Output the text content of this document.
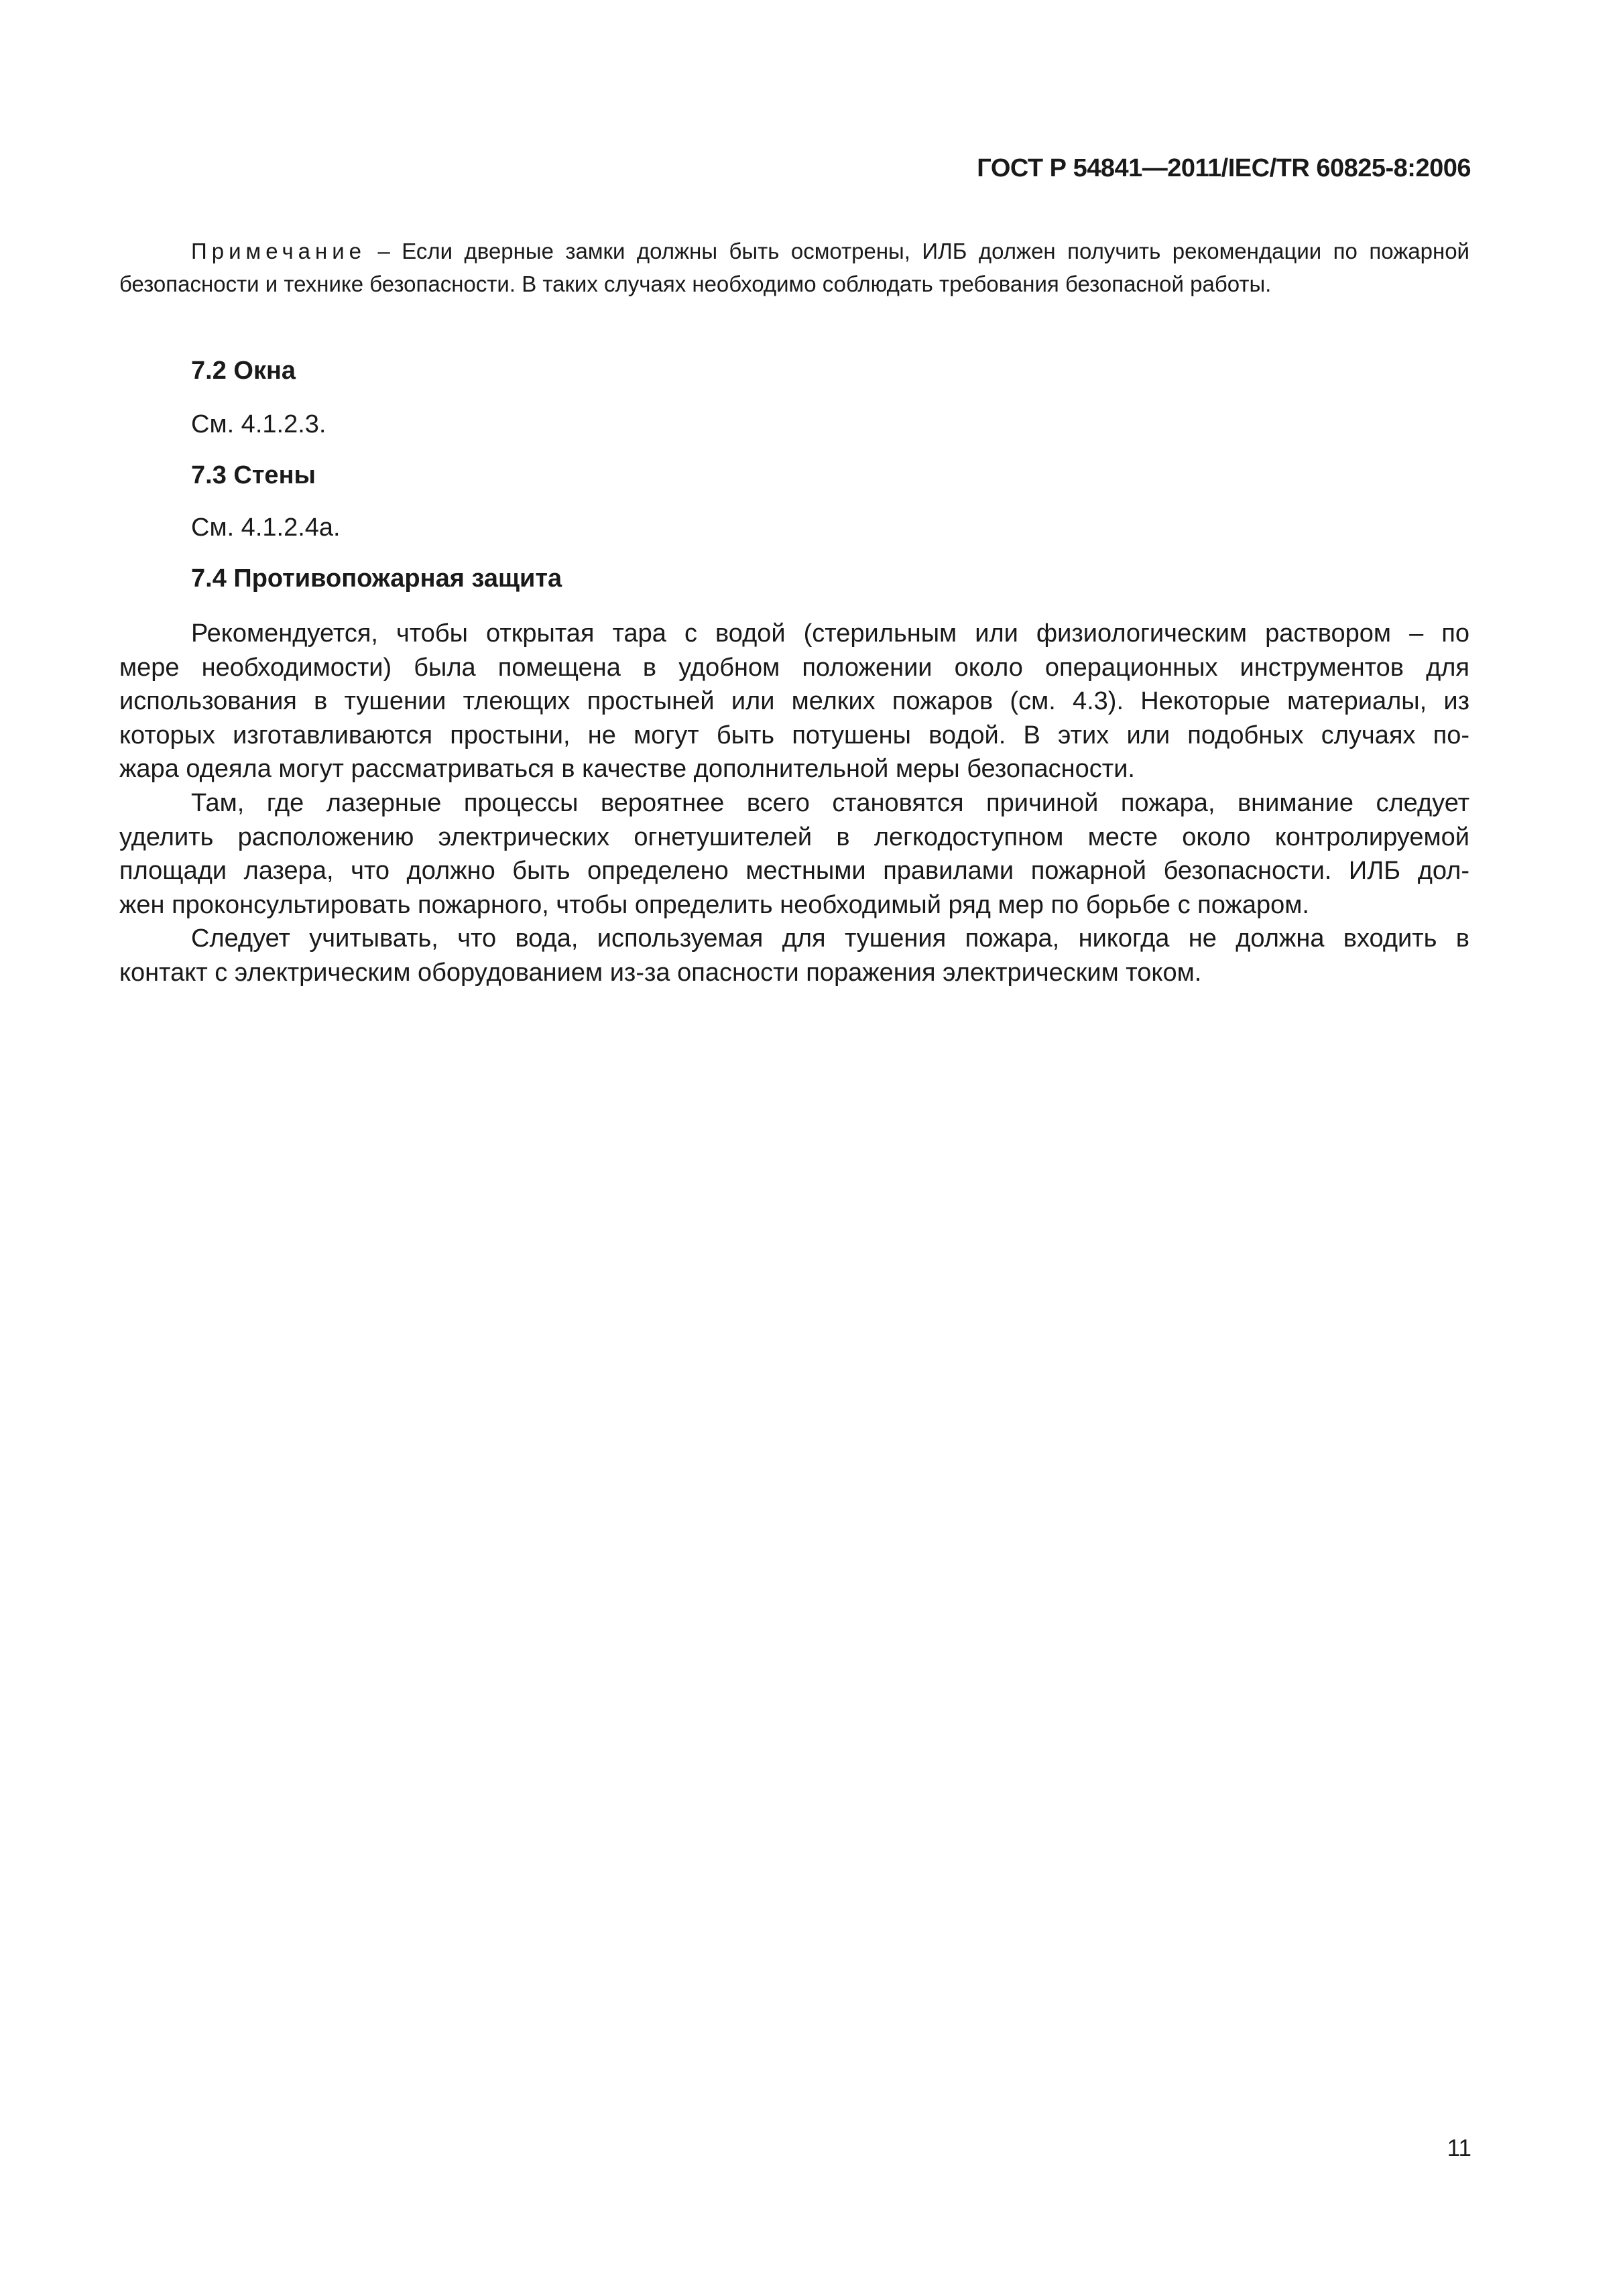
ГОСТ Р 54841—2011/IEC/TR 60825-8:2006
Примечание – Если дверные замки должны быть осмотрены, ИЛБ должен получить рекомендации по пожарной безопасности и технике безопасности. В таких случаях необходимо соблюдать требования безопасной работы.
7.2 Окна
См. 4.1.2.3.
7.3 Стены
См. 4.1.2.4а.
7.4 Противопожарная защита
Рекомендуется, чтобы открытая тара с водой (стерильным или физиологическим раствором – по
мере необходимости) была помещена в удобном положении около операционных инструментов для
использования в тушении тлеющих простыней или мелких пожаров (см. 4.3). Некоторые материалы, из
которых изготавливаются простыни, не могут быть потушены водой. В этих или подобных случаях по-
жара одеяла могут рассматриваться в качестве дополнительной меры безопасности.
Там, где лазерные процессы вероятнее всего становятся причиной пожара, внимание следует
уделить расположению электрических огнетушителей в легкодоступном месте около контролируемой
площади лазера, что должно быть определено местными правилами пожарной безопасности. ИЛБ дол-
жен проконсультировать пожарного, чтобы определить необходимый ряд мер по борьбе с пожаром.
Следует учитывать, что вода, используемая для тушения пожара, никогда не должна входить в
контакт с электрическим оборудованием из-за опасности поражения электрическим током.
11
